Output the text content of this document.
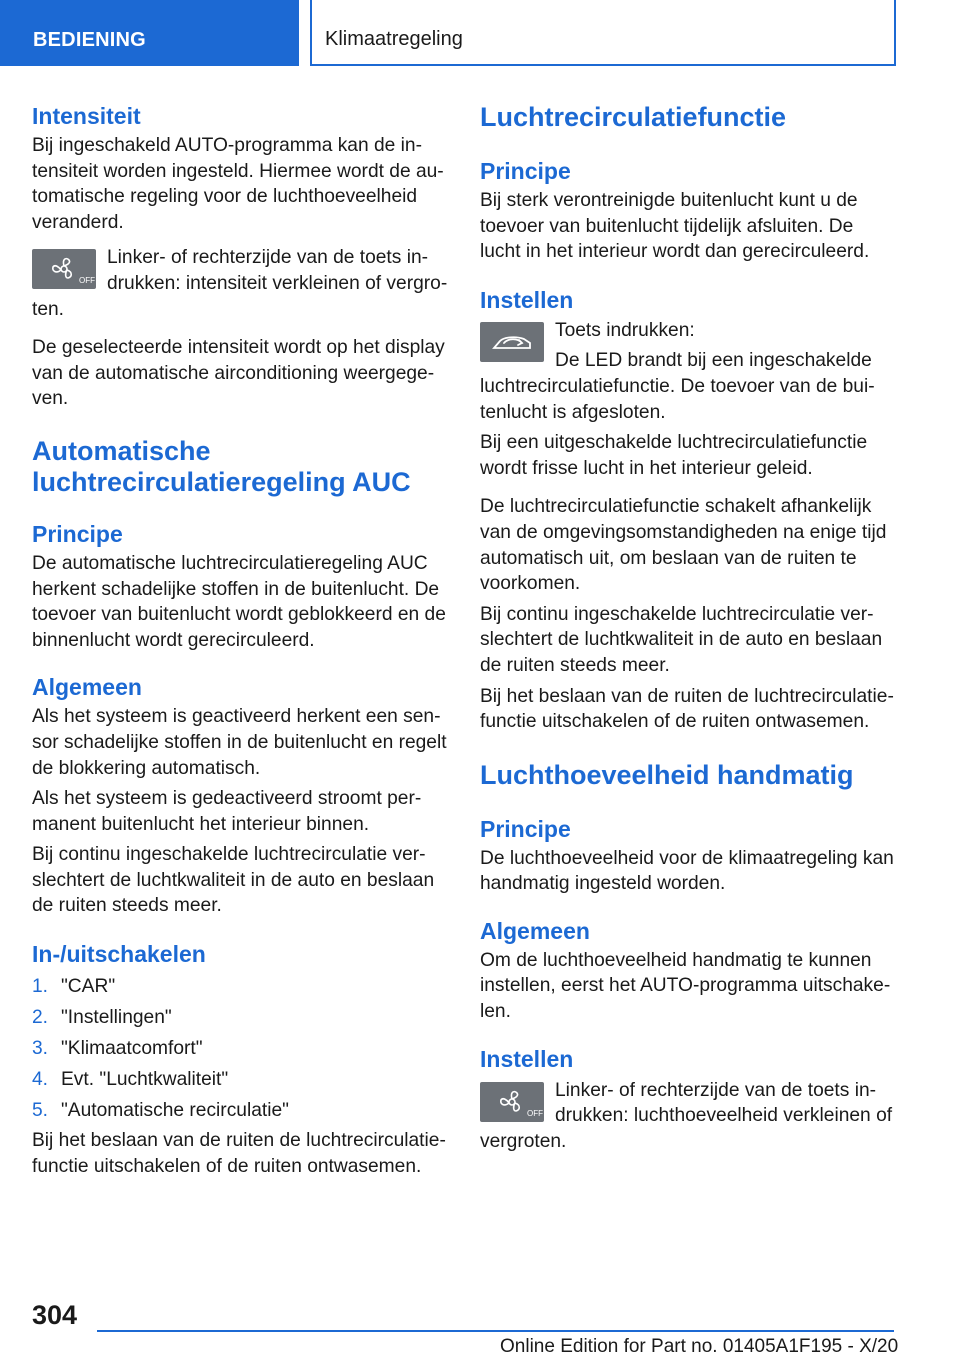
BEDIENING	Klimaatregeling
Intensiteit
Bij ingeschakeld AUTO-programma kan de intensiteit worden ingesteld. Hiermee wordt de automatische regeling voor de luchthoeveelheid veranderd.
OFF
Linker- of rechterzijde van de toets indrukken: intensiteit verkleinen of vergroten.
De geselecteerde intensiteit wordt op het display van de automatische airconditioning weergegeven.
Automatische luchtrecirculatieregeling AUC
Principe
De automatische luchtrecirculatieregeling AUC herkent schadelijke stoffen in de buitenlucht. De toevoer van buitenlucht wordt geblokkeerd en de binnenlucht wordt gerecirculeerd.
Algemeen
Als het systeem is geactiveerd herkent een sensor schadelijke stoffen in de buitenlucht en regelt de blokkering automatisch.
Als het systeem is gedeactiveerd stroomt permanent buitenlucht het interieur binnen.
Bij continu ingeschakelde luchtrecirculatie verslechtert de luchtkwaliteit in de auto en beslaan de ruiten steeds meer.
In-/uitschakelen
1. "CAR"
2. "Instellingen"
3. "Klimaatcomfort"
4. Evt. "Luchtkwaliteit"
5. "Automatische recirculatie"
Bij het beslaan van de ruiten de luchtrecirculatiefunctie uitschakelen of de ruiten ontwasemen.
Luchtrecirculatiefunctie
Principe
Bij sterk verontreinigde buitenlucht kunt u de toevoer van buitenlucht tijdelijk afsluiten. De lucht in het interieur wordt dan gerecirculeerd.
Instellen
Toets indrukken:
De LED brandt bij een ingeschakelde luchtrecirculatiefunctie. De toevoer van de buitenlucht is afgesloten.
Bij een uitgeschakelde luchtrecirculatiefunctie wordt frisse lucht in het interieur geleid.
De luchtrecirculatiefunctie schakelt afhankelijk van de omgevingsomstandigheden na enige tijd automatisch uit, om beslaan van de ruiten te voorkomen.
Bij continu ingeschakelde luchtrecirculatie verslechtert de luchtkwaliteit in de auto en beslaan de ruiten steeds meer.
Bij het beslaan van de ruiten de luchtrecirculatiefunctie uitschakelen of de ruiten ontwasemen.
Luchthoeveelheid handmatig
Principe
De luchthoeveelheid voor de klimaatregeling kan handmatig ingesteld worden.
Algemeen
Om de luchthoeveelheid handmatig te kunnen instellen, eerst het AUTO-programma uitschakelen.
Instellen
OFF
Linker- of rechterzijde van de toets indrukken: luchthoeveelheid verkleinen of vergroten.
304
Online Edition for Part no. 01405A1F195 - X/20
